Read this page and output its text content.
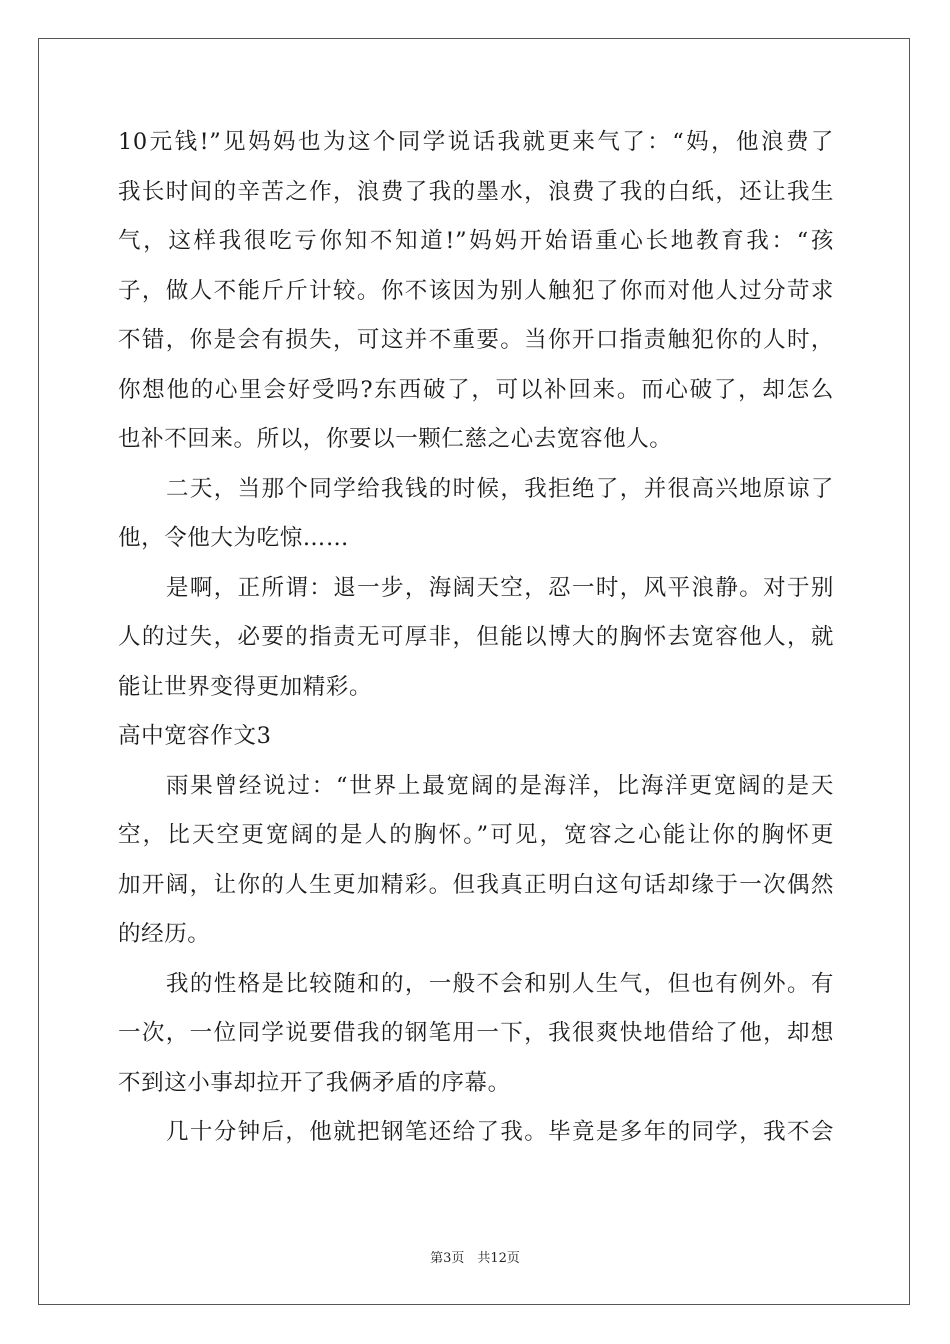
10元钱!”见妈妈也为这个同学说话我就更来气了：“妈，他浪费了
我长时间的辛苦之作，浪费了我的墨水，浪费了我的白纸，还让我生
气，这样我很吃亏你知不知道!”妈妈开始语重心长地教育我：“孩
子，做人不能斤斤计较。你不该因为别人触犯了你而对他人过分苛求
不错，你是会有损失，可这并不重要。当你开口指责触犯你的人时，
你想他的心里会好受吗?东西破了，可以补回来。而心破了，却怎么
也补不回来。所以，你要以一颗仁慈之心去宽容他人。
二天，当那个同学给我钱的时候，我拒绝了，并很高兴地原谅了
他，令他大为吃惊……
是啊，正所谓：退一步，海阔天空，忍一时，风平浪静。对于别
人的过失，必要的指责无可厚非，但能以博大的胸怀去宽容他人，就
能让世界变得更加精彩。
高中宽容作文3
雨果曾经说过：“世界上最宽阔的是海洋，比海洋更宽阔的是天
空，比天空更宽阔的是人的胸怀。”可见，宽容之心能让你的胸怀更
加开阔，让你的人生更加精彩。但我真正明白这句话却缘于一次偶然
的经历。
我的性格是比较随和的，一般不会和别人生气，但也有例外。有
一次，一位同学说要借我的钢笔用一下，我很爽快地借给了他，却想
不到这小事却拉开了我俩矛盾的序幕。
几十分钟后，他就把钢笔还给了我。毕竟是多年的同学，我不会
第3页　共12页
